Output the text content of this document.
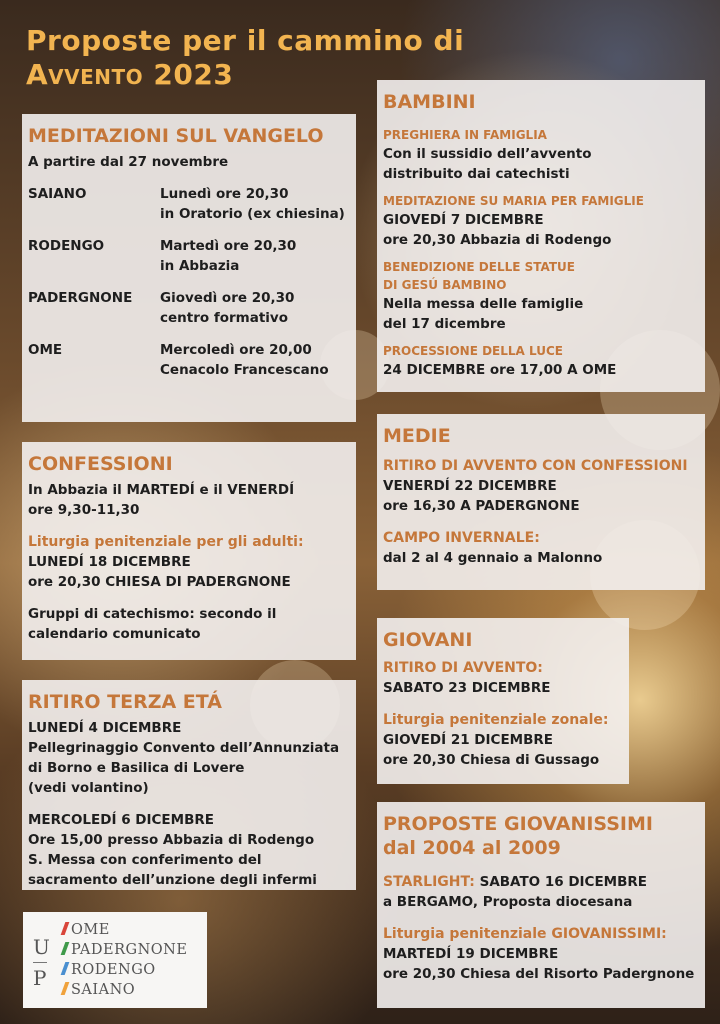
Proposte per il cammino di
Avvento 2023
MEDITAZIONI SUL VANGELO
A partire dal 27 novembre
SAIANO	Lunedì ore 20,30
in Oratorio (ex chiesina)
RODENGO	Martedì ore 20,30
in Abbazia
PADERGNONE	Giovedì ore 20,30
centro formativo
OME	Mercoledì ore 20,00
Cenacolo Francescano
CONFESSIONI
In Abbazia il MARTEDÍ e il VENERDÍ
ore 9,30-11,30
Liturgia penitenziale per gli adulti:
LUNEDÍ 18 DICEMBRE
ore 20,30 CHIESA DI PADERGNONE
Gruppi di catechismo: secondo il
calendario comunicato
RITIRO TERZA ETÁ
LUNEDÍ 4 DICEMBRE
Pellegrinaggio Convento dell’Annunziata
di Borno e Basilica di Lovere
(vedi volantino)
MERCOLEDÍ 6 DICEMBRE
Ore 15,00 presso Abbazia di Rodengo
S. Messa con conferimento del
sacramento dell’unzione degli infermi
BAMBINI
PREGHIERA IN FAMIGLIA
Con il sussidio dell’avvento
distribuito dai catechisti
MEDITAZIONE SU MARIA PER FAMIGLIE
GIOVEDÍ 7 DICEMBRE
ore 20,30 Abbazia di Rodengo
BENEDIZIONE DELLE STATUE
DI GESÚ BAMBINO
Nella messa delle famiglie
del 17 dicembre
PROCESSIONE DELLA LUCE
24 DICEMBRE ore 17,00 A OME
MEDIE
RITIRO DI AVVENTO CON CONFESSIONI
VENERDÍ 22 DICEMBRE
ore 16,30 A PADERGNONE
CAMPO INVERNALE:
dal 2 al 4 gennaio a Malonno
GIOVANI
RITIRO DI AVVENTO:
SABATO 23 DICEMBRE
Liturgia penitenziale zonale:
GIOVEDÍ 21 DICEMBRE
ore 20,30 Chiesa di Gussago
PROPOSTE GIOVANISSIMI
dal 2004 al 2009
STARLIGHT: SABATO 16 DICEMBRE
a BERGAMO, Proposta diocesana
Liturgia penitenziale GIOVANISSIMI:
MARTEDÍ 19 DICEMBRE
ore 20,30 Chiesa del Risorto Padergnone
U
P
OME
PADERGNONE
RODENGO
SAIANO
